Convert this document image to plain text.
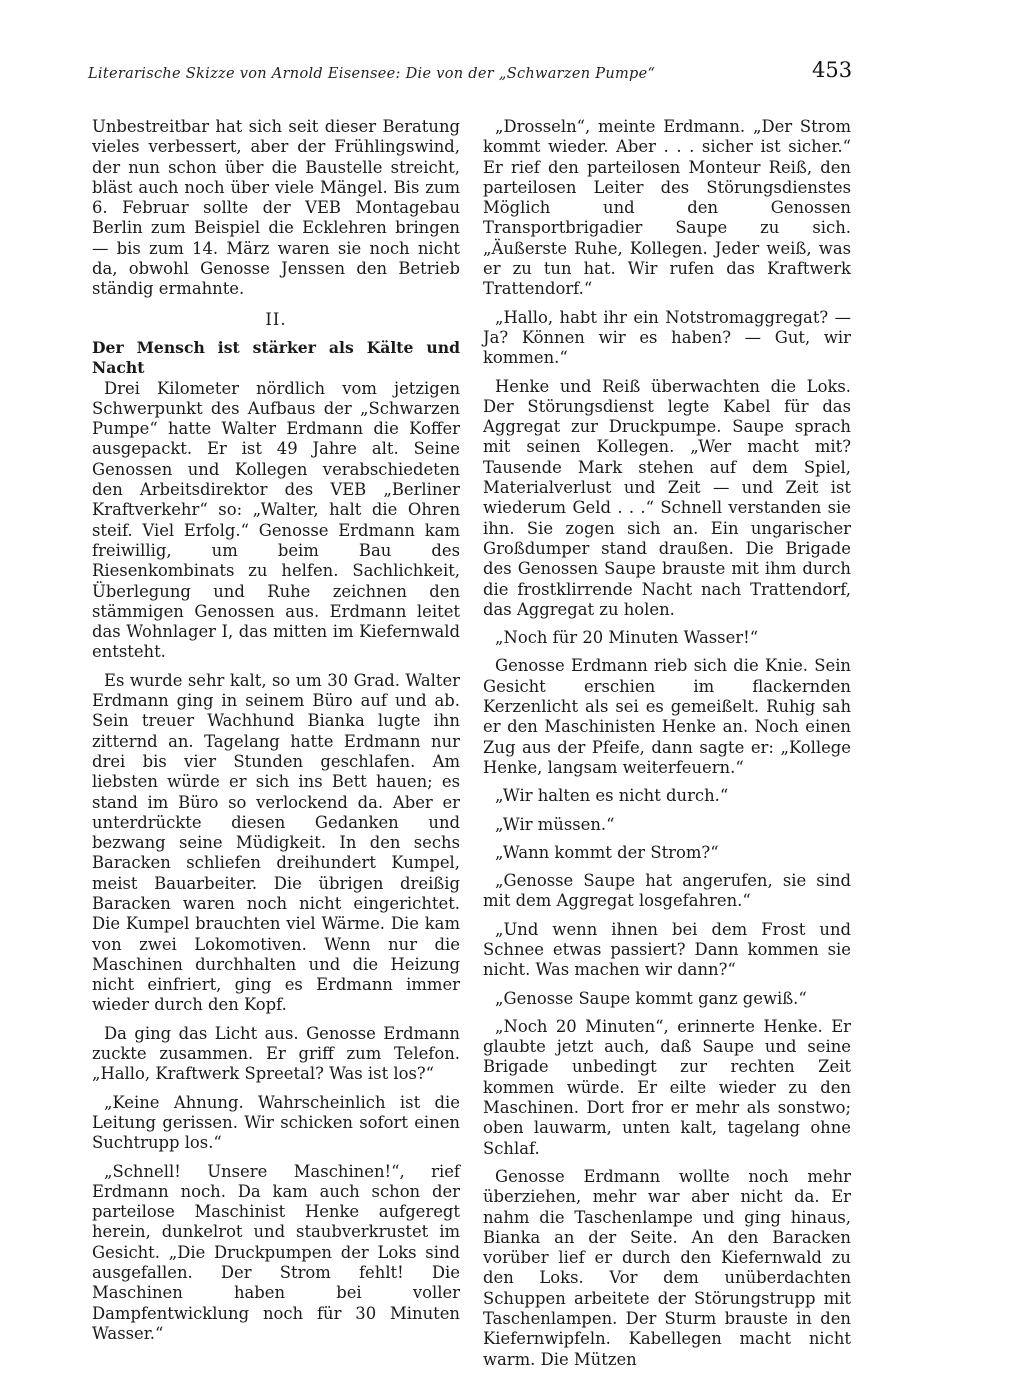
Literarische Skizze von Arnold Eisensee: Die von der „Schwarzen Pumpe“	453

Unbestreitbar hat sich seit dieser Beratung vieles verbessert, aber der Frühlingswind, der nun schon über die Baustelle streicht, bläst auch noch über viele Mängel. Bis zum 6. Februar sollte der VEB Montagebau Berlin zum Beispiel die Ecklehren bringen — bis zum 14. März waren sie noch nicht da, obwohl Genosse Jenssen den Betrieb ständig ermahnte.

II.
Der Mensch ist stärker als Kälte und Nacht

Drei Kilometer nördlich vom jetzigen Schwerpunkt des Aufbaus der „Schwarzen Pumpe“ hatte Walter Erdmann die Koffer ausgepackt. Er ist 49 Jahre alt. Seine Genossen und Kollegen verabschiedeten den Arbeitsdirektor des VEB „Berliner Kraftverkehr“ so: „Walter, halt die Ohren steif. Viel Erfolg.“ Genosse Erdmann kam freiwillig, um beim Bau des Riesenkombinats zu helfen. Sachlichkeit, Überlegung und Ruhe zeichnen den stämmigen Genossen aus. Erdmann leitet das Wohnlager I, das mitten im Kiefernwald entsteht.

Es wurde sehr kalt, so um 30 Grad. Walter Erdmann ging in seinem Büro auf und ab. Sein treuer Wachhund Bianka lugte ihn zitternd an. Tagelang hatte Erdmann nur drei bis vier Stunden geschlafen. Am liebsten würde er sich ins Bett hauen; es stand im Büro so verlockend da. Aber er unterdrückte diesen Gedanken und bezwang seine Müdigkeit. In den sechs Baracken schliefen dreihundert Kumpel, meist Bauarbeiter. Die übrigen dreißig Baracken waren noch nicht eingerichtet. Die Kumpel brauchten viel Wärme. Die kam von zwei Lokomotiven. Wenn nur die Maschinen durchhalten und die Heizung nicht einfriert, ging es Erdmann immer wieder durch den Kopf.

Da ging das Licht aus. Genosse Erdmann zuckte zusammen. Er griff zum Telefon. „Hallo, Kraftwerk Spreetal? Was ist los?“

„Keine Ahnung. Wahrscheinlich ist die Leitung gerissen. Wir schicken sofort einen Suchtrupp los.“

„Schnell! Unsere Maschinen!“, rief Erdmann noch. Da kam auch schon der parteilose Maschinist Henke aufgeregt herein, dunkelrot und staubverkrustet im Gesicht. „Die Druckpumpen der Loks sind ausgefallen. Der Strom fehlt! Die Maschinen haben bei voller Dampfentwicklung noch für 30 Minuten Wasser.“

„Drosseln“, meinte Erdmann. „Der Strom kommt wieder. Aber . . . sicher ist sicher.“ Er rief den parteilosen Monteur Reiß, den parteilosen Leiter des Störungsdienstes Möglich und den Genossen Transportbrigadier Saupe zu sich. „Äußerste Ruhe, Kollegen. Jeder weiß, was er zu tun hat. Wir rufen das Kraftwerk Trattendorf.“

„Hallo, habt ihr ein Notstromaggregat? — Ja? Können wir es haben? — Gut, wir kommen.“

Henke und Reiß überwachten die Loks. Der Störungsdienst legte Kabel für das Aggregat zur Druckpumpe. Saupe sprach mit seinen Kollegen. „Wer macht mit? Tausende Mark stehen auf dem Spiel, Materialverlust und Zeit — und Zeit ist wiederum Geld . . .“ Schnell verstanden sie ihn. Sie zogen sich an. Ein ungarischer Großdumper stand draußen. Die Brigade des Genossen Saupe brauste mit ihm durch die frostklirrende Nacht nach Trattendorf, das Aggregat zu holen.

„Noch für 20 Minuten Wasser!“

Genosse Erdmann rieb sich die Knie. Sein Gesicht erschien im flackernden Kerzenlicht als sei es gemeißelt. Ruhig sah er den Maschinisten Henke an. Noch einen Zug aus der Pfeife, dann sagte er: „Kollege Henke, langsam weiterfeuern.“

„Wir halten es nicht durch.“

„Wir müssen.“

„Wann kommt der Strom?“

„Genosse Saupe hat angerufen, sie sind mit dem Aggregat losgefahren.“

„Und wenn ihnen bei dem Frost und Schnee etwas passiert? Dann kommen sie nicht. Was machen wir dann?“

„Genosse Saupe kommt ganz gewiß.“

„Noch 20 Minuten“, erinnerte Henke. Er glaubte jetzt auch, daß Saupe und seine Brigade unbedingt zur rechten Zeit kommen würde. Er eilte wieder zu den Maschinen. Dort fror er mehr als sonstwo; oben lauwarm, unten kalt, tagelang ohne Schlaf.

Genosse Erdmann wollte noch mehr überziehen, mehr war aber nicht da. Er nahm die Taschenlampe und ging hinaus, Bianka an der Seite. An den Baracken vorüber lief er durch den Kiefernwald zu den Loks. Vor dem unüberdachten Schuppen arbeitete der Störungstrupp mit Taschenlampen. Der Sturm brauste in den Kiefernwipfeln. Kabellegen macht nicht warm. Die Mützen
